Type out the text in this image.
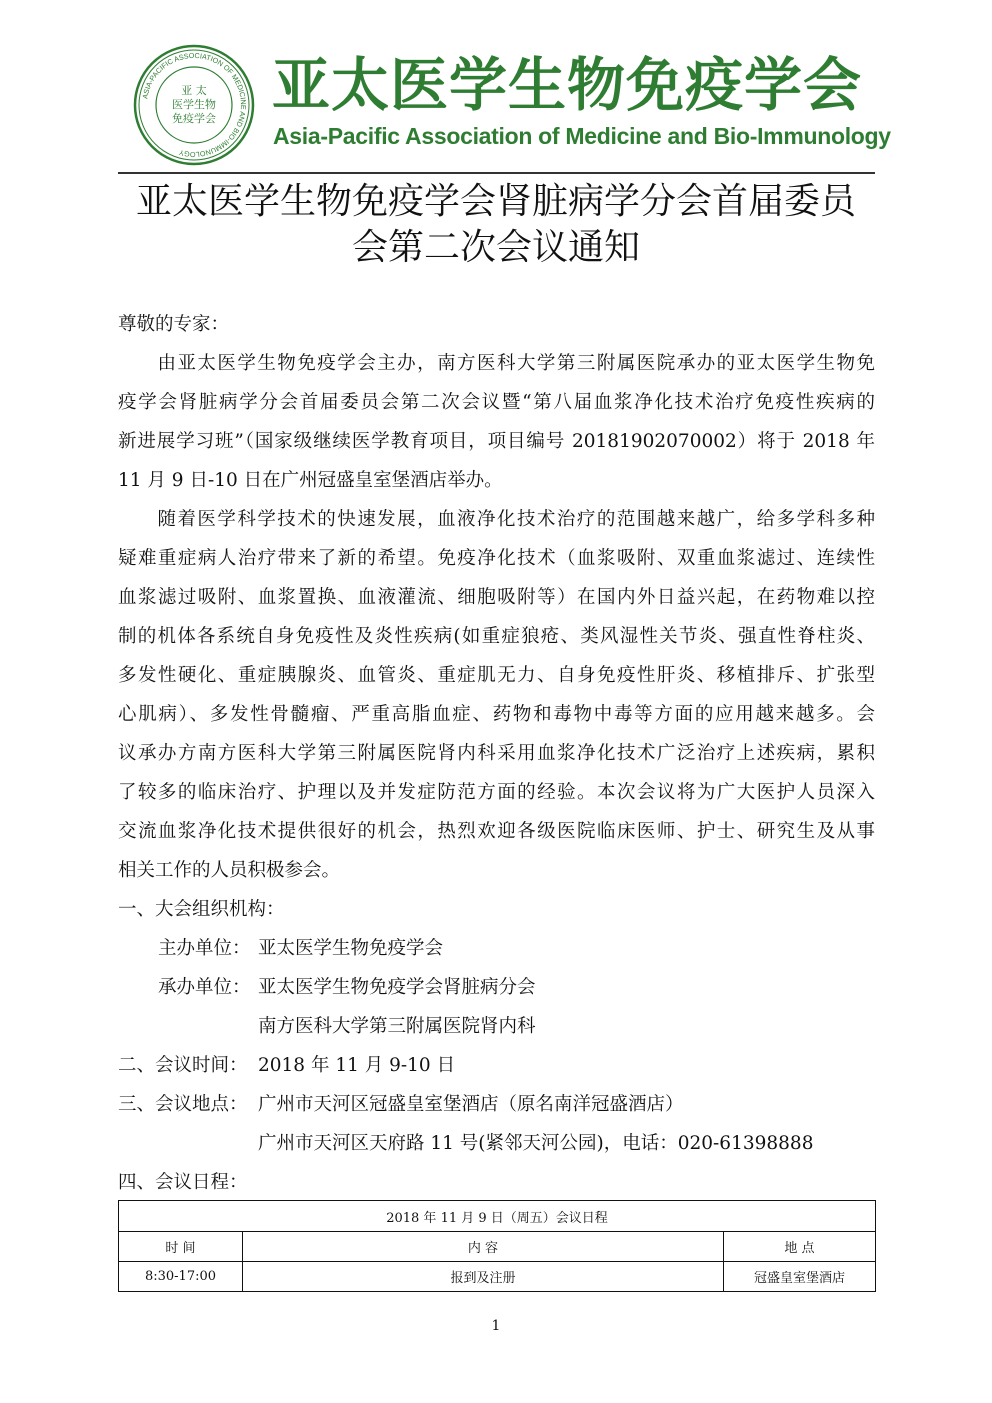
ASIA-PACIFIC ASSOCIATION OF MEDICINE AND BIO-IMMUNOLOGY
亚 太
医学生物
免疫学会 亚太医学生物免疫学会
Asia-Pacific Association of Medicine and Bio-Immunology
亚太医学生物免疫学会肾脏病学分会首届委员
会第二次会议通知
尊敬的专家：
由亚太医学生物免疫学会主办，南方医科大学第三附属医院承办的亚太医学生物免
疫学会肾脏病学分会首届委员会第二次会议暨“第八届血浆净化技术治疗免疫性疾病的
新进展学习班”（国家级继续医学教育项目，项目编号 20181902070002）将于 2018 年
11 月 9 日-10 日在广州冠盛皇室堡酒店举办。
随着医学科学技术的快速发展，血液净化技术治疗的范围越来越广，给多学科多种
疑难重症病人治疗带来了新的希望。免疫净化技术（血浆吸附、双重血浆滤过、连续性
血浆滤过吸附、血浆置换、血液灌流、细胞吸附等）在国内外日益兴起，在药物难以控
制的机体各系统自身免疫性及炎性疾病(如重症狼疮、类风湿性关节炎、强直性脊柱炎、
多发性硬化、重症胰腺炎、血管炎、重症肌无力、自身免疫性肝炎、移植排斥、扩张型
心肌病）、多发性骨髓瘤、严重高脂血症、药物和毒物中毒等方面的应用越来越多。会
议承办方南方医科大学第三附属医院肾内科采用血浆净化技术广泛治疗上述疾病，累积
了较多的临床治疗、护理以及并发症防范方面的经验。本次会议将为广大医护人员深入
交流血浆净化技术提供很好的机会，热烈欢迎各级医院临床医师、护士、研究生及从事
相关工作的人员积极参会。
一、大会组织机构：
主办单位： 亚太医学生物免疫学会
承办单位： 亚太医学生物免疫学会肾脏病分会
南方医科大学第三附属医院肾内科
二、会议时间： 2018 年 11 月 9-10 日
三、会议地点： 广州市天河区冠盛皇室堡酒店（原名南洋冠盛酒店）
广州市天河区天府路 11 号(紧邻天河公园)，电话：020-61398888
四、会议日程：
2018 年 11 月 9 日（周五）会议日程		
时 间	内 容	地 点
8:30-17:00	报到及注册	冠盛皇室堡酒店
1
